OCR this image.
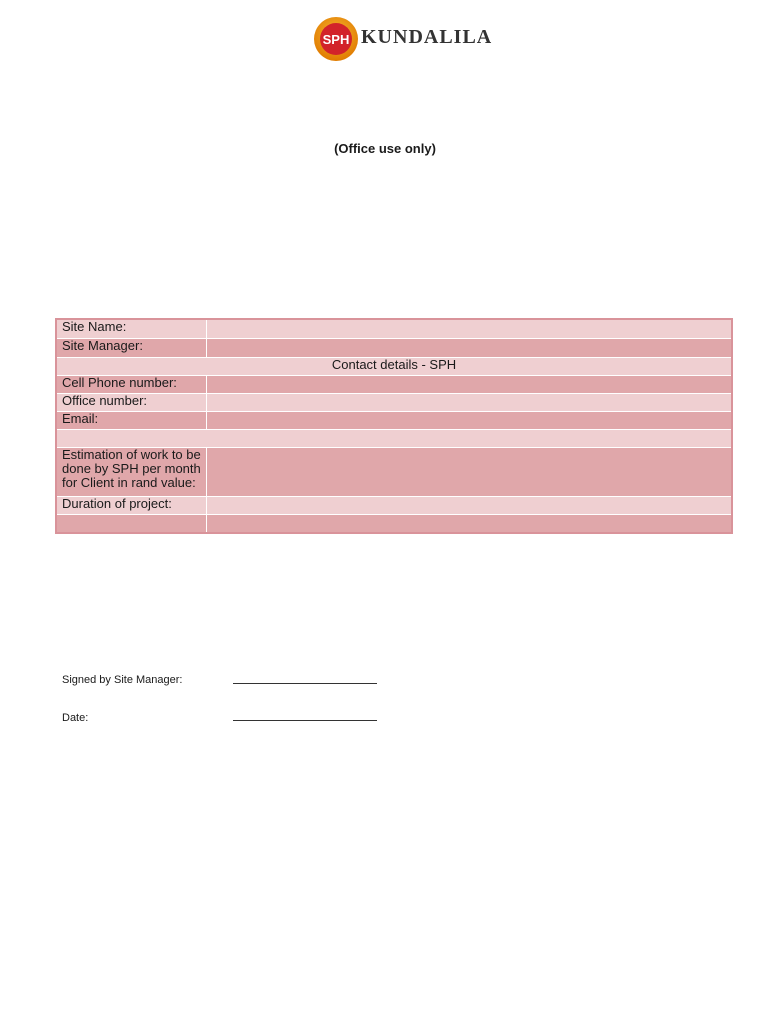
SPH KUNDALILA
(Office use only)
Site Name:	
Site Manager:	
Contact details - SPH	
Cell Phone number:	
Office number:	
Email:	

Estimation of work to be done by SPH per month for Client in rand value:	
Duration of project:	

Signed by Site Manager:
Date:
